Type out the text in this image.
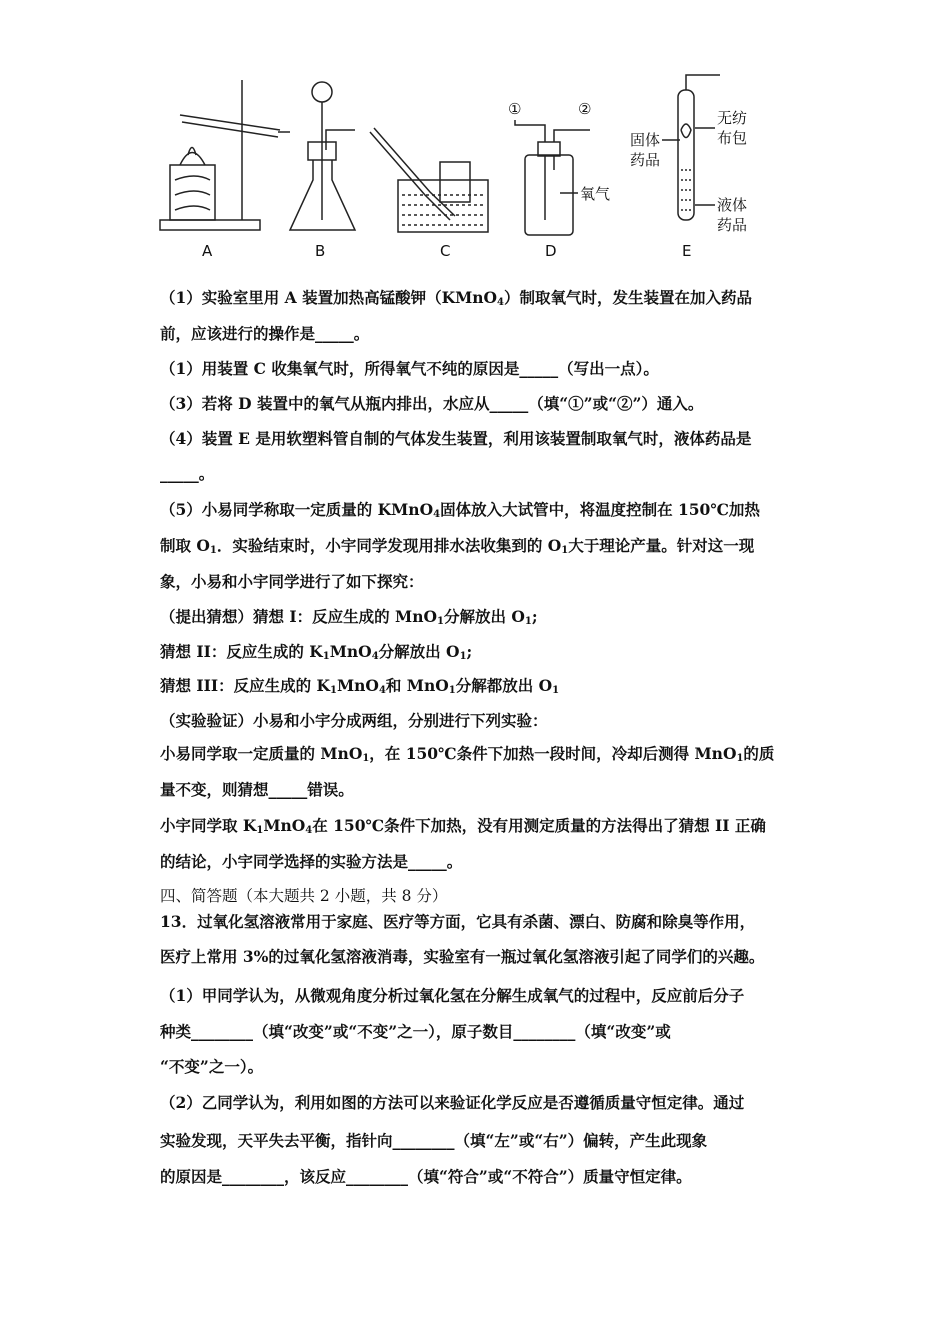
A	B	C	D	E
①	②
氧气
无纺布包
固体药品
液体药品
（1）实验室里用 A 装置加热高锰酸钾（KMnO$_4$）制取氧气时，发生装置在加入药品
前，应该进行的操作是_____。
（1）用装置 C 收集氧气时，所得氧气不纯的原因是_____（写出一点）。
（3）若将 D 装置中的氧气从瓶内排出，水应从_____（填“①”或“②”）通入。
（4）装置 E 是用软塑料管自制的气体发生装置，利用该装置制取氧气时，液体药品是
_____。
（5）小易同学称取一定质量的 KMnO$_4$固体放入大试管中，将温度控制在 150℃加热
制取 $O_1$．实验结束时，小宇同学发现用排水法收集到的 $O_1$大于理论产量。针对这一现
象，小易和小宇同学进行了如下探究：
（提出猜想）猜想 I：反应生成的 MnO$_1$分解放出 $O_1$;
猜想 II：反应生成的 $K_1MnO_4$分解放出 $O_1$;
猜想 III：反应生成的 $K_1MnO_4$和 MnO$_1$分解都放出 $O_1$
（实验验证）小易和小宇分成两组，分别进行下列实验：
小易同学取一定质量的 MnO$_1$，在 150℃条件下加热一段时间，冷却后测得 MnO$_1$的质
量不变，则猜想_____错误。
小宇同学取 $K_1MnO_4$在 150℃条件下加热，没有用测定质量的方法得出了猜想 II 正确
的结论，小宇同学选择的实验方法是_____。
四、简答题（本大题共 2 小题，共 8 分）
13．过氧化氢溶液常用于家庭、医疗等方面，它具有杀菌、漂白、防腐和除臭等作用，
医疗上常用 3%的过氧化氢溶液消毒，实验室有一瓶过氧化氢溶液引起了同学们的兴趣。
（1）甲同学认为，从微观角度分析过氧化氢在分解生成氧气的过程中，反应前后分子
种类________（填“改变”或“不变”之一），原子数目________（填“改变”或
“不变”之一）。
（2）乙同学认为，利用如图的方法可以来验证化学反应是否遵循质量守恒定律。通过
实验发现，天平失去平衡，指针向________（填“左”或“右”）偏转，产生此现象
的原因是________，该反应________（填“符合”或“不符合”）质量守恒定律。
